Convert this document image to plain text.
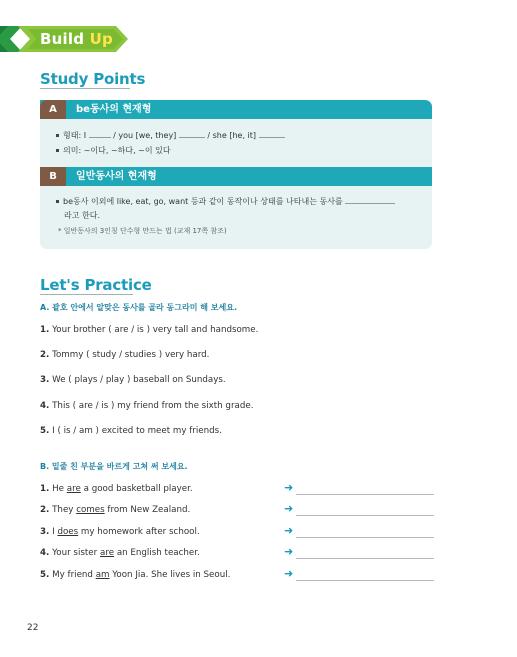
Build Up
Study Points
A	be동사의 현재형
형태: I	/ you [we, they]	/ she [he, it]
의미: ~이다, ~하다, ~이 있다
B	일반동사의 현재형
be동사 이외에 like, eat, go, want 등과 같이 동작이나 상태를 나타내는 동사를
라고 한다.
* 일반동사의 3인칭 단수형 만드는 법 (교재 17쪽 참조)
Let's Practice
A. 괄호 안에서 알맞은 동사를 골라 동그라미 해 보세요.
1. Your brother ( are / is ) very tall and handsome.
2. Tommy ( study / studies ) very hard.
3. We ( plays / play ) baseball on Sundays.
4. This ( are / is ) my friend from the sixth grade.
5. I ( is / am ) excited to meet my friends.
B. 밑줄 친 부분을 바르게 고쳐 써 보세요.
1. He are a good basketball player.	➜
2. They comes from New Zealand.	➜
3. I does my homework after school.	➜
4. Your sister are an English teacher.	➜
5. My friend am Yoon Jia. She lives in Seoul.	➜
22
